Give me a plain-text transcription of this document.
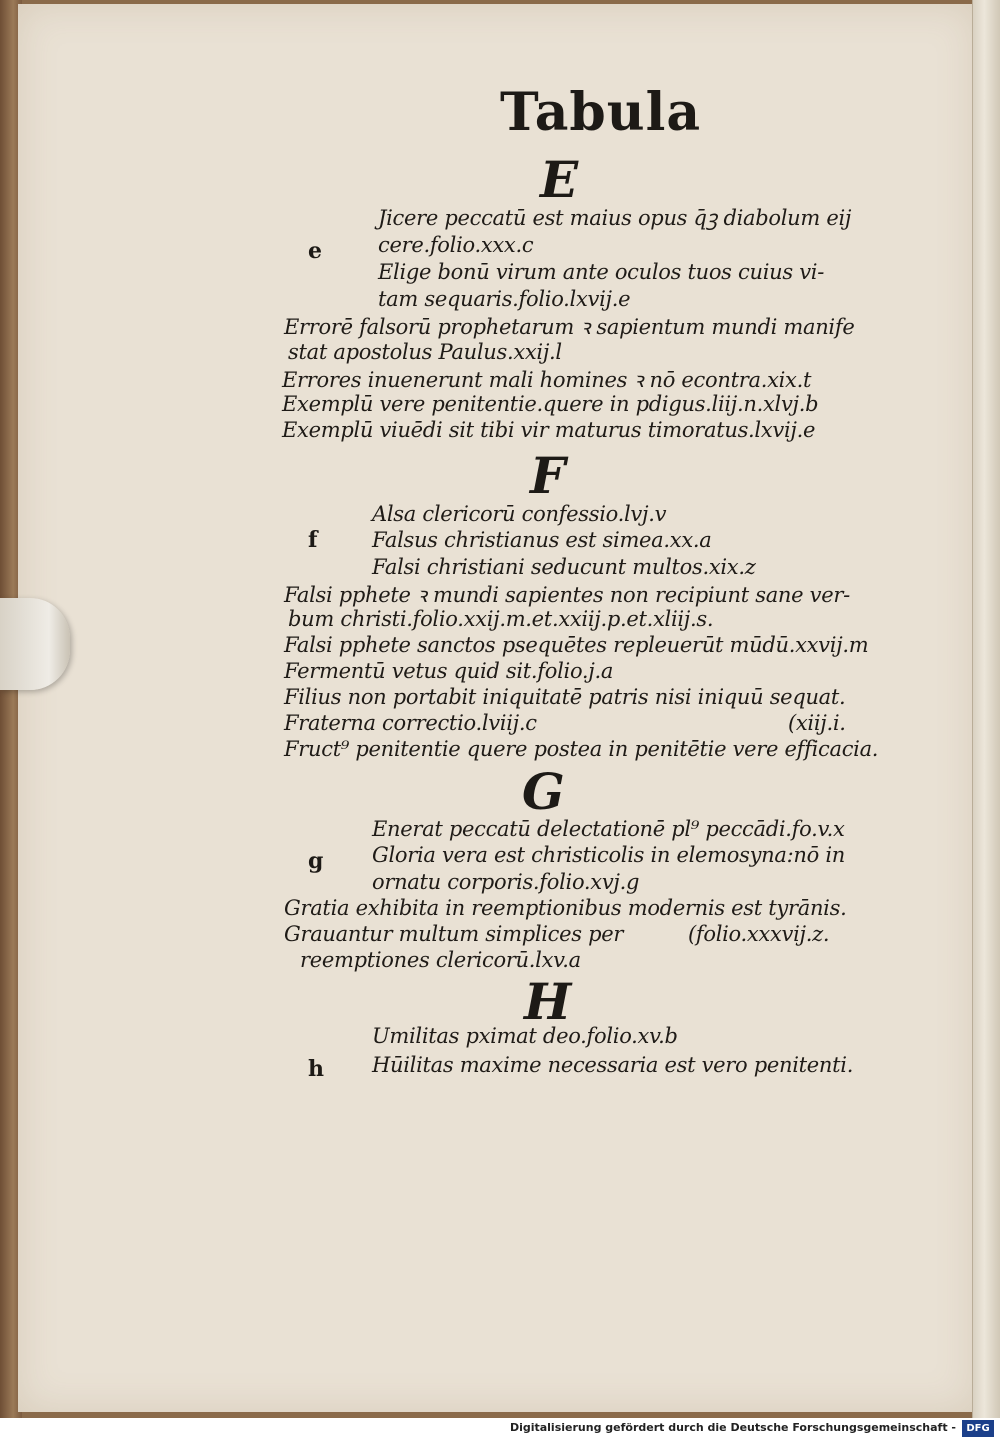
Tabula
E
e
Jicere peccatū est maius opus q̄ꝫ diabolum eij
cere.folio.xxx.c
Elige bonū virum ante oculos tuos cuius vi-
tam sequaris.folio.lxvij.e
Errorē falsorū prophetarum ꝛ sapientum mundi manife
stat apostolus Paulus.xxij.l
Errores inuenerunt mali homines ꝛ nō econtra.xix.t
Exemplū vere penitentie.quere in pdigus.liij.n.xlvj.b
Exemplū viuēdi sit tibi vir maturus timoratus.lxvij.e
F
f
Alsa clericorū confessio.lvj.v
Falsus christianus est simea.xx.a
Falsi christiani seducunt multos.xix.z
Falsi pphete ꝛ mundi sapientes non recipiunt sane ver-
bum christi.folio.xxij.m.et.xxiij.p.et.xliij.s.
Falsi pphete sanctos psequētes repleuerūt mūdū.xxvij.m
Fermentū vetus quid sit.folio.j.a
Filius non portabit iniquitatē patris nisi iniquū sequat.
Fraterna correctio.lviij.c	(xiij.i.
Fruct⁹ penitentie quere postea in penitētie vere efficacia.
G
g
Enerat peccatū delectationē pl⁹ peccādi.fo.v.x
Gloria vera est christicolis in elemosyna:nō in
ornatu corporis.folio.xvj.g
Gratia exhibita in reemptionibus modernis est tyrānis.
Grauantur multum simplices per	(folio.xxxvij.z.
reemptiones clericorū.lxv.a
H
h
Umilitas pximat deo.folio.xv.b
Hūilitas maxime necessaria est vero penitenti.
Digitalisierung gefördert durch die Deutsche Forschungsgemeinschaft -	DFG
